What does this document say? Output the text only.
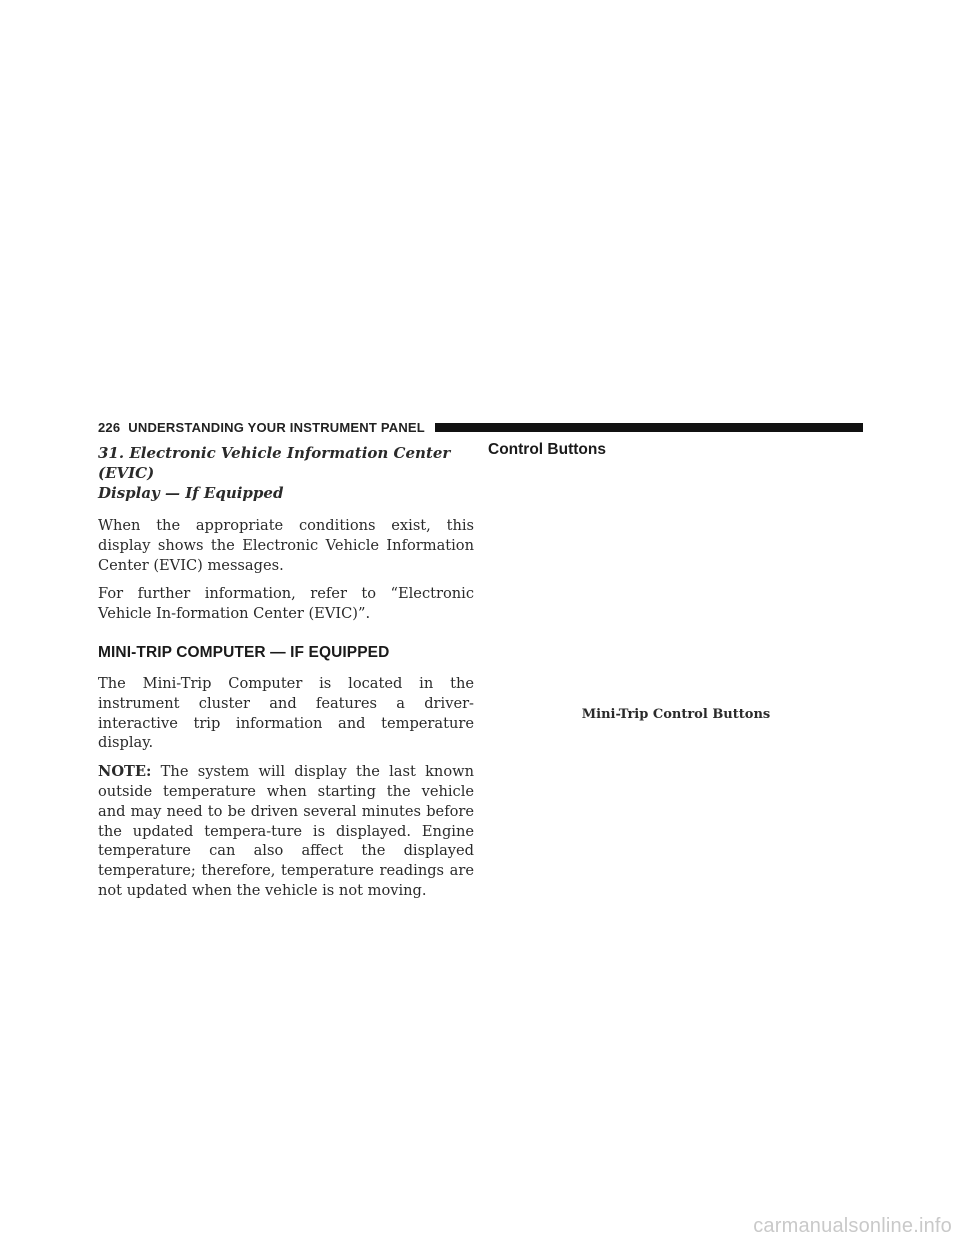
226 UNDERSTANDING YOUR INSTRUMENT PANEL
31. Electronic Vehicle Information Center (EVIC)
Display — If Equipped

When the appropriate conditions exist, this display shows the Electronic Vehicle Information Center (EVIC) messages.

For further information, refer to “Electronic Vehicle In-formation Center (EVIC)”.

MINI-TRIP COMPUTER — IF EQUIPPED

The Mini-Trip Computer is located in the instrument cluster and features a driver-interactive trip information and temperature display.

NOTE: The system will display the last known outside temperature when starting the vehicle and may need to be driven several minutes before the updated tempera-ture is displayed. Engine temperature can also affect the displayed temperature; therefore, temperature readings are not updated when the vehicle is not moving.

Control Buttons
Mini-Trip Control Buttons
carmanualsonline.info
